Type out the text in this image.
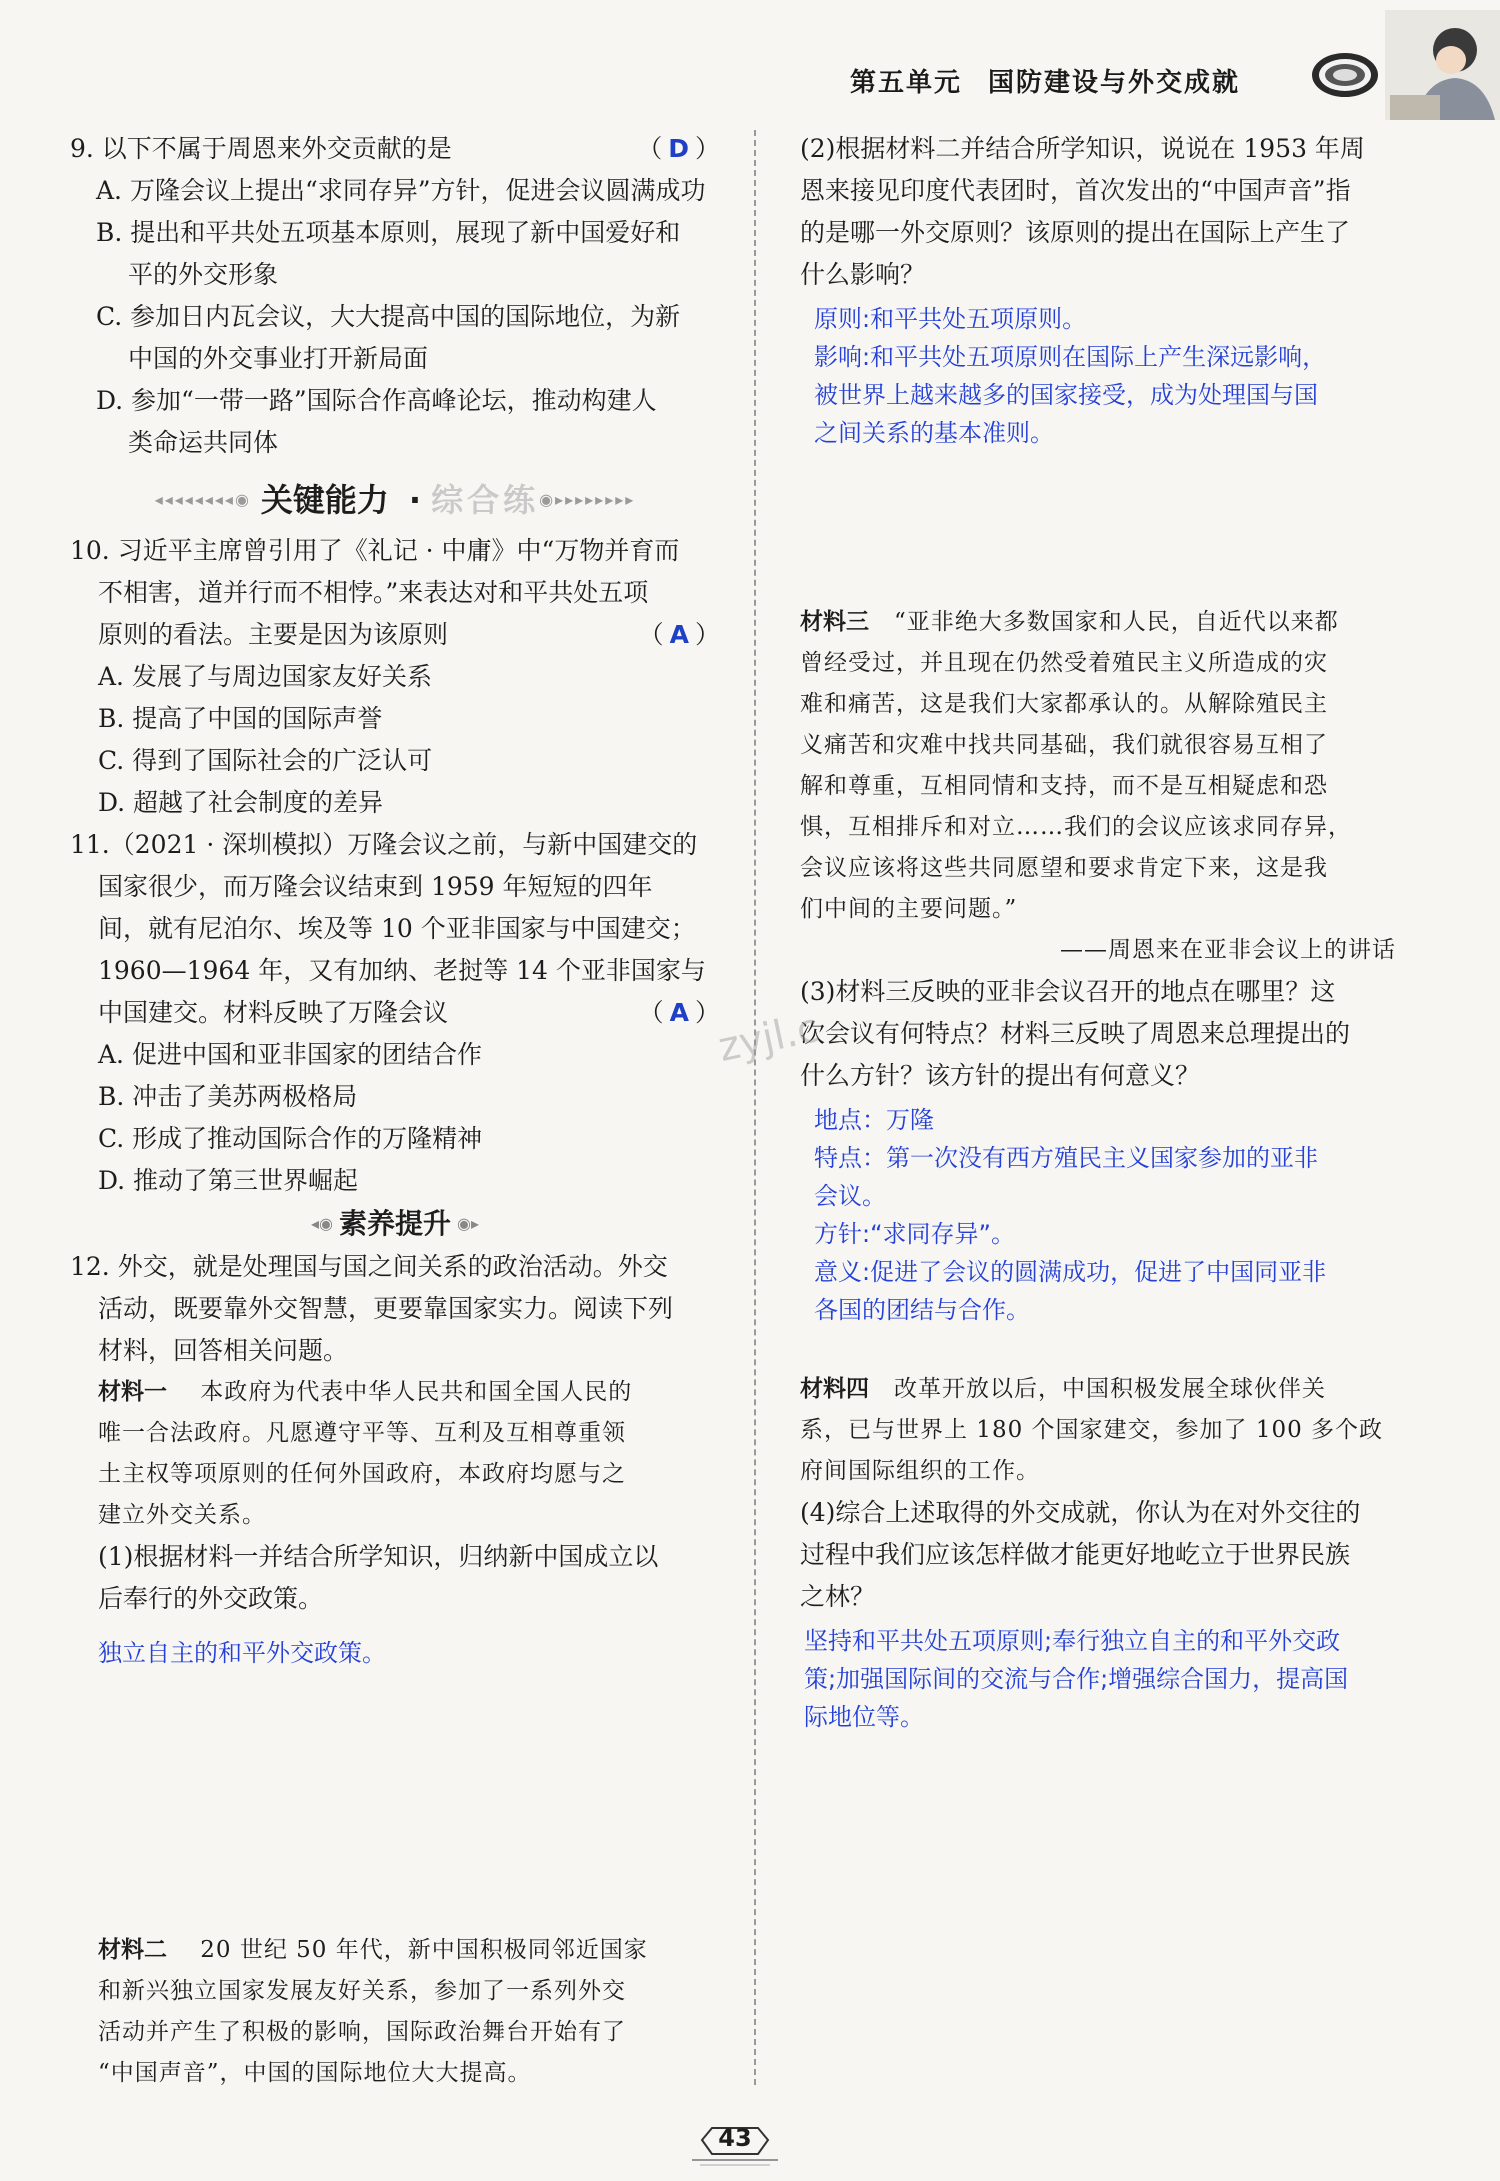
第五单元 国防建设与外交成就
9. 以下不属于周恩来外交贡献的是	（ D ）
A. 万隆会议上提出“求同存异”方针，促进会议圆满成功
B. 提出和平共处五项基本原则，展现了新中国爱好和
平的外交形象
C. 参加日内瓦会议，大大提高中国的国际地位，为新
中国的外交事业打开新局面
D. 参加“一带一路”国际合作高峰论坛，推动构建人
类命运共同体
◂◂◂◂◂◂◂◂◉ 关键能力 · 综合练 ◉▸▸▸▸▸▸▸▸
10. 习近平主席曾引用了《礼记 · 中庸》中“万物并育而
不相害，道并行而不相悖。”来表达对和平共处五项
原则的看法。主要是因为该原则	（ A ）
A. 发展了与周边国家友好关系
B. 提高了中国的国际声誉
C. 得到了国际社会的广泛认可
D. 超越了社会制度的差异
11.（2021 · 深圳模拟）万隆会议之前，与新中国建交的
国家很少，而万隆会议结束到 1959 年短短的四年
间，就有尼泊尔、埃及等 10 个亚非国家与中国建交；
1960—1964 年，又有加纳、老挝等 14 个亚非国家与
中国建交。材料反映了万隆会议	（ A ）
A. 促进中国和亚非国家的团结合作
B. 冲击了美苏两极格局
C. 形成了推动国际合作的万隆精神
D. 推动了第三世界崛起
◂◉ 素养提升 ◉▸
12. 外交，就是处理国与国之间关系的政治活动。外交
活动，既要靠外交智慧，更要靠国家实力。阅读下列
材料，回答相关问题。
材料一 本政府为代表中华人民共和国全国人民的
唯一合法政府。凡愿遵守平等、互利及互相尊重领
土主权等项原则的任何外国政府，本政府均愿与之
建立外交关系。
(1)根据材料一并结合所学知识，归纳新中国成立以
后奉行的外交政策。
独立自主的和平外交政策。
材料二 20 世纪 50 年代，新中国积极同邻近国家
和新兴独立国家发展友好关系，参加了一系列外交
活动并产生了积极的影响，国际政治舞台开始有了
“中国声音”，中国的国际地位大大提高。
(2)根据材料二并结合所学知识，说说在 1953 年周
恩来接见印度代表团时，首次发出的“中国声音”指
的是哪一外交原则？该原则的提出在国际上产生了
什么影响？
原则:和平共处五项原则。
影响:和平共处五项原则在国际上产生深远影响，
被世界上越来越多的国家接受，成为处理国与国
之间关系的基本准则。
材料三 “亚非绝大多数国家和人民，自近代以来都
曾经受过，并且现在仍然受着殖民主义所造成的灾
难和痛苦，这是我们大家都承认的。从解除殖民主
义痛苦和灾难中找共同基础，我们就很容易互相了
解和尊重，互相同情和支持，而不是互相疑虑和恐
惧，互相排斥和对立……我们的会议应该求同存异，
会议应该将这些共同愿望和要求肯定下来，这是我
们中间的主要问题。”
——周恩来在亚非会议上的讲话
(3)材料三反映的亚非会议召开的地点在哪里？这
次会议有何特点？材料三反映了周恩来总理提出的
什么方针？该方针的提出有何意义？
地点：万隆
特点：第一次没有西方殖民主义国家参加的亚非
会议。
方针:“求同存异”。
意义:促进了会议的圆满成功，促进了中国同亚非
各国的团结与合作。
材料四 改革开放以后，中国积极发展全球伙伴关
系，已与世界上 180 个国家建交，参加了 100 多个政
府间国际组织的工作。
(4)综合上述取得的外交成就，你认为在对外交往的
过程中我们应该怎样做才能更好地屹立于世界民族
之林？
坚持和平共处五项原则;奉行独立自主的和平外交政
策;加强国际间的交流与合作;增强综合国力，提高国
际地位等。
zyjl.c
43
